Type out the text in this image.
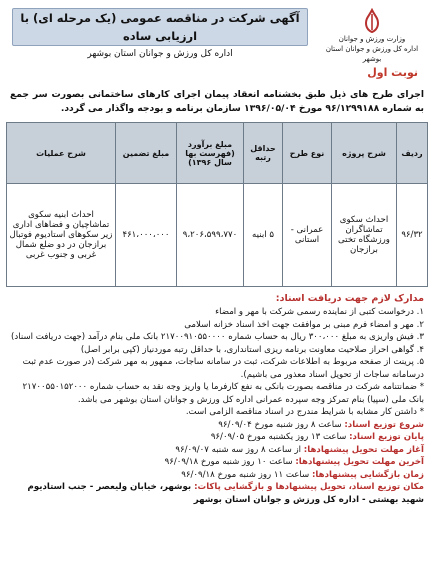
وزارت ورزش و جوانان
اداره کل ورزش و جوانان استان بوشهر
آگهی شرکت در مناقصه عمومی (یک مرحله ای) با ارزیابی ساده
اداره کل ورزش و جوانان استان بوشهر
نوبت اول
اجرای طرح های ذیل طبق بخشنامه انعقاد پیمان اجرای کارهای ساختمانی بصورت سر جمع به شماره ۹۶/۱۲۹۹۱۸۸ مورخ ۱۳۹۶/۰۵/۰۴ سازمان برنامه و بودجه واگذار می گردد.
ردیف	شرح پروژه	نوع طرح	حداقل رتبه	مبلغ برآورد (فهرست بها سال ۱۳۹۶)	مبلغ تضمین	شرح عملیات
۹۶/۳۲	احداث سکوی تماشاگران ورزشگاه تختی برازجان	عمرانی - استانی	۵ ابنیه	۹،۲۰۶،۵۹۹،۷۷۰	۴۶۱،۰۰۰،۰۰۰	احداث ابنیه سکوی تماشاچیان و فضاهای اداری زیر سکوهای استادیوم فوتبال برازجان در دو ضلع شمال غربی و جنوب غربی
مدارک لازم جهت دریافت اسناد:
۱. درخواست کتبی از نماینده رسمی شرکت با مهر و امضاء
۲. مهر و امضاء فرم مبنی بر موافقت جهت اخذ اسناد خزانه اسلامی
۳. فیش واریزی به مبلغ ۳۰۰،۰۰۰ ریال به حساب شماره ۲۱۷۰۰۹۱۰۵۵۰۰۰۰ بانک ملی بنام درآمد (جهت دریافت اسناد)
۴. گواهی احراز صلاحیت معاونت برنامه ریزی استانداری، با حداقل رتبه موردنیاز (کپی برابر اصل)
۵. پرینت از صفحه مربوط به اطلاعات شرکت، ثبت در سامانه ساجات، ممهور به مهر شرکت (در صورت عدم ثبت درسامانه ساجات از تحویل اسناد معذور می باشیم).
* ضمانتنامه شرکت در مناقصه بصورت بانکی به نفع کارفرما یا واریز وجه نقد به حساب شماره ۲۱۷۰۰۵۵۰۱۵۲۰۰۰ بانک ملی (سپیا) بنام تمرکز وجه سپرده عمرانی اداره کل ورزش و جوانان استان بوشهر می باشد.
* داشتن کار مشابه با شرایط مندرج در اسناد مناقصه الزامی است.
شروع توزیع اسناد: ساعت ۸ روز شنبه مورخ ۹۶/۰۹/۰۴
پایان توزیع اسناد: ساعت ۱۳ روز یکشنبه مورخ ۹۶/۰۹/۰۵
آغاز مهلت تحویل پیشنهادها: از ساعت ۸ روز سه شنبه ۹۶/۰۹/۰۷
آخرین مهلت تحویل پیشنهادها: ساعت ۱۰ روز شنبه مورخ ۹۶/۰۹/۱۸
زمان بازگشایی پیشنهادها: ساعت ۱۱ روز شنبه مورخ ۹۶/۰۹/۱۸
مکان توزیع اسناد، تحویل پیشنهادها و بازگشایی پاکات: بوشهر، خیابان ولیعصر - جنب استادیوم شهید بهشتی - اداره کل ورزش و جوانان استان بوشهر
